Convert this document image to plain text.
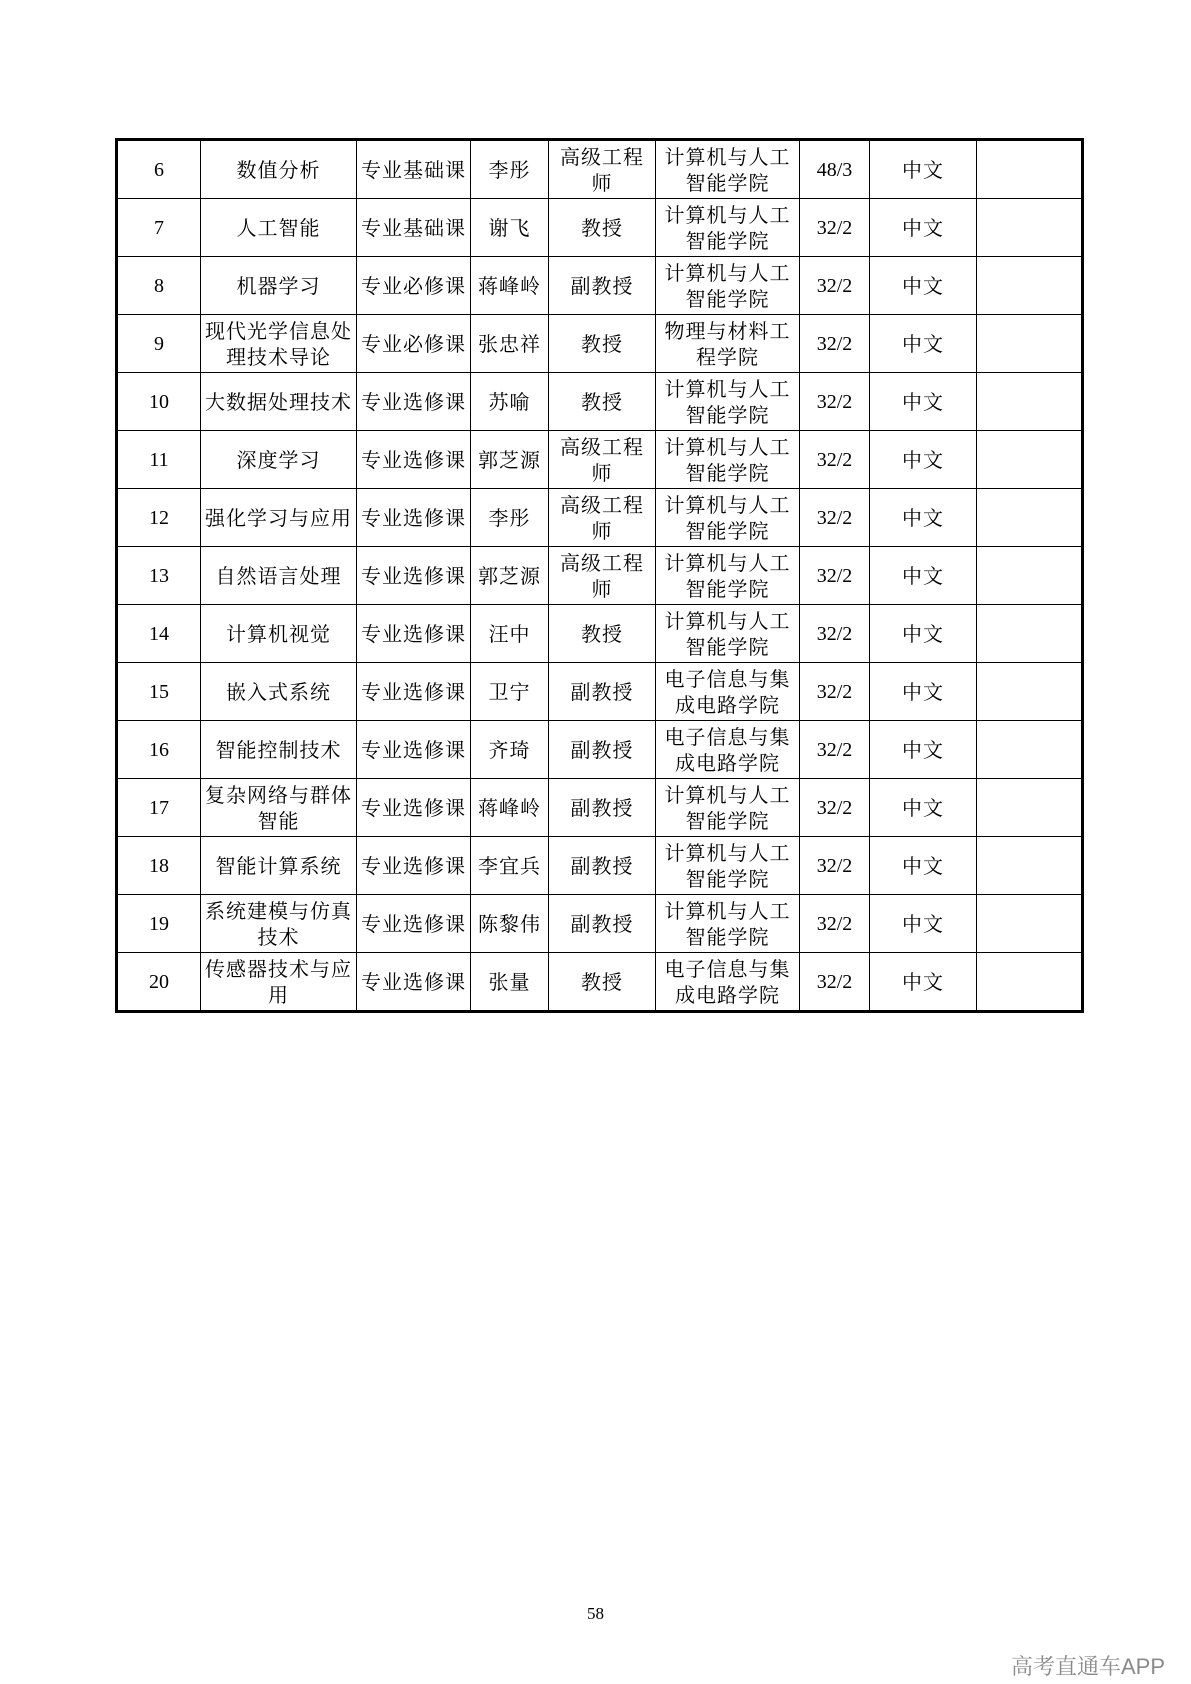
6	数值分析	专业基础课	李彤	高级工程师	计算机与人工智能学院	48/3	中文	
7	人工智能	专业基础课	谢飞	教授	计算机与人工智能学院	32/2	中文	
8	机器学习	专业必修课	蒋峰岭	副教授	计算机与人工智能学院	32/2	中文	
9	现代光学信息处理技术导论	专业必修课	张忠祥	教授	物理与材料工程学院	32/2	中文	
10	大数据处理技术	专业选修课	苏喻	教授	计算机与人工智能学院	32/2	中文	
11	深度学习	专业选修课	郭芝源	高级工程师	计算机与人工智能学院	32/2	中文	
12	强化学习与应用	专业选修课	李彤	高级工程师	计算机与人工智能学院	32/2	中文	
13	自然语言处理	专业选修课	郭芝源	高级工程师	计算机与人工智能学院	32/2	中文	
14	计算机视觉	专业选修课	汪中	教授	计算机与人工智能学院	32/2	中文	
15	嵌入式系统	专业选修课	卫宁	副教授	电子信息与集成电路学院	32/2	中文	
16	智能控制技术	专业选修课	齐琦	副教授	电子信息与集成电路学院	32/2	中文	
17	复杂网络与群体智能	专业选修课	蒋峰岭	副教授	计算机与人工智能学院	32/2	中文	
18	智能计算系统	专业选修课	李宜兵	副教授	计算机与人工智能学院	32/2	中文	
19	系统建模与仿真技术	专业选修课	陈黎伟	副教授	计算机与人工智能学院	32/2	中文	
20	传感器技术与应用	专业选修课	张量	教授	电子信息与集成电路学院	32/2	中文	
58
高考直通车APP
